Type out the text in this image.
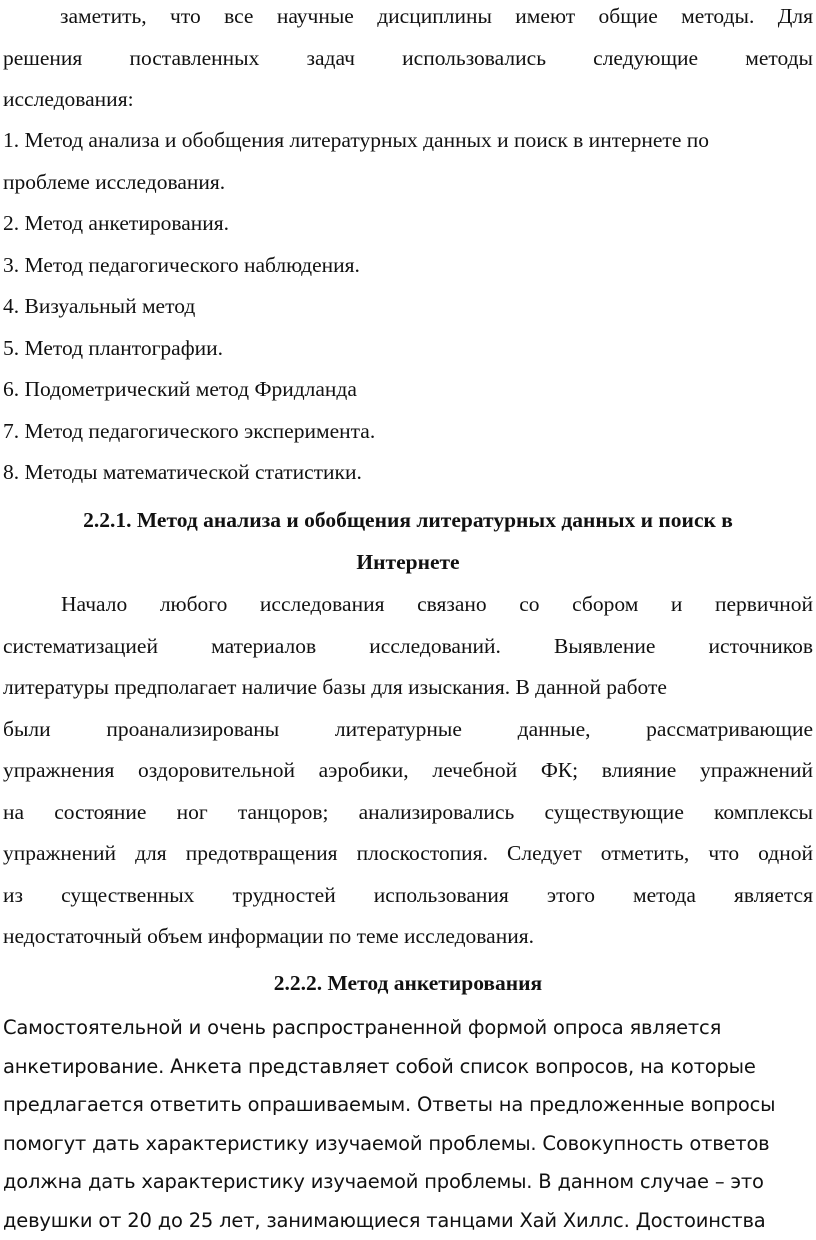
заметить, что все научные дисциплины имеют общие методы. Для
решения поставленных задач использовались следующие методы
исследования:
1. Метод анализа и обобщения литературных данных и поиск в интернете по
проблеме исследования.
2. Метод анкетирования.
3. Метод педагогического наблюдения.
4. Визуальный метод
5. Метод плантографии.
6. Подометрический метод Фридланда
7. Метод педагогического эксперимента.
8. Методы математической статистики.
2.2.1. Метод анализа и обобщения литературных данных и поиск в
Интернете
Начало любого исследования связано со сбором и первичной
систематизацией материалов исследований. Выявление источников
литературы предполагает наличие базы для изыскания. В данной работе
были проанализированы литературные данные, рассматривающие
упражнения оздоровительной аэробики, лечебной ФК; влияние упражнений
на состояние ног танцоров; анализировались существующие комплексы
упражнений для предотвращения плоскостопия. Следует отметить, что одной
из существенных трудностей использования этого метода является
недостаточный объем информации по теме исследования.
2.2.2. Метод анкетирования
Самостоятельной и очень распространенной формой опроса является
анкетирование. Анкета представляет собой список вопросов, на которые
предлагается ответить опрашиваемым. Ответы на предложенные вопросы
помогут дать характеристику изучаемой проблемы. Совокупность ответов
должна дать характеристику изучаемой проблемы. В данном случае – это
девушки от 20 до 25 лет, занимающиеся танцами Хай Хиллс. Достоинства
